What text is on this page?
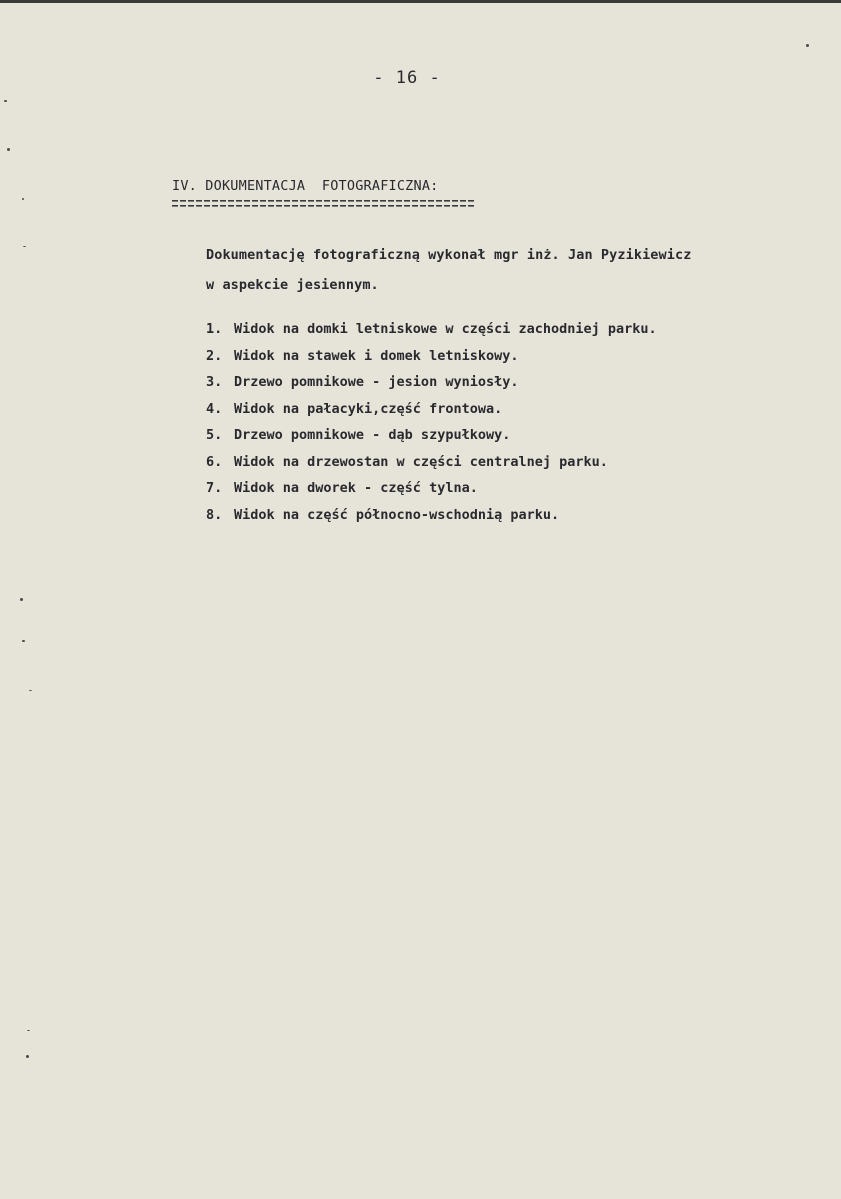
- 16 -
IV. DOKUMENTACJA  FOTOGRAFICZNA:
Dokumentację fotograficzną wykonał mgr inż. Jan Pyzikiewicz
w aspekcie jesiennym.
1. Widok na domki letniskowe w części zachodniej parku.
2. Widok na stawek i domek letniskowy.
3. Drzewo pomnikowe - jesion wyniosły.
4. Widok na pałacyki,część frontowa.
5. Drzewo pomnikowe - dąb szypułkowy.
6. Widok na drzewostan w części centralnej parku.
7. Widok na dworek - część tylna.
8. Widok na część północno-wschodnią parku.
